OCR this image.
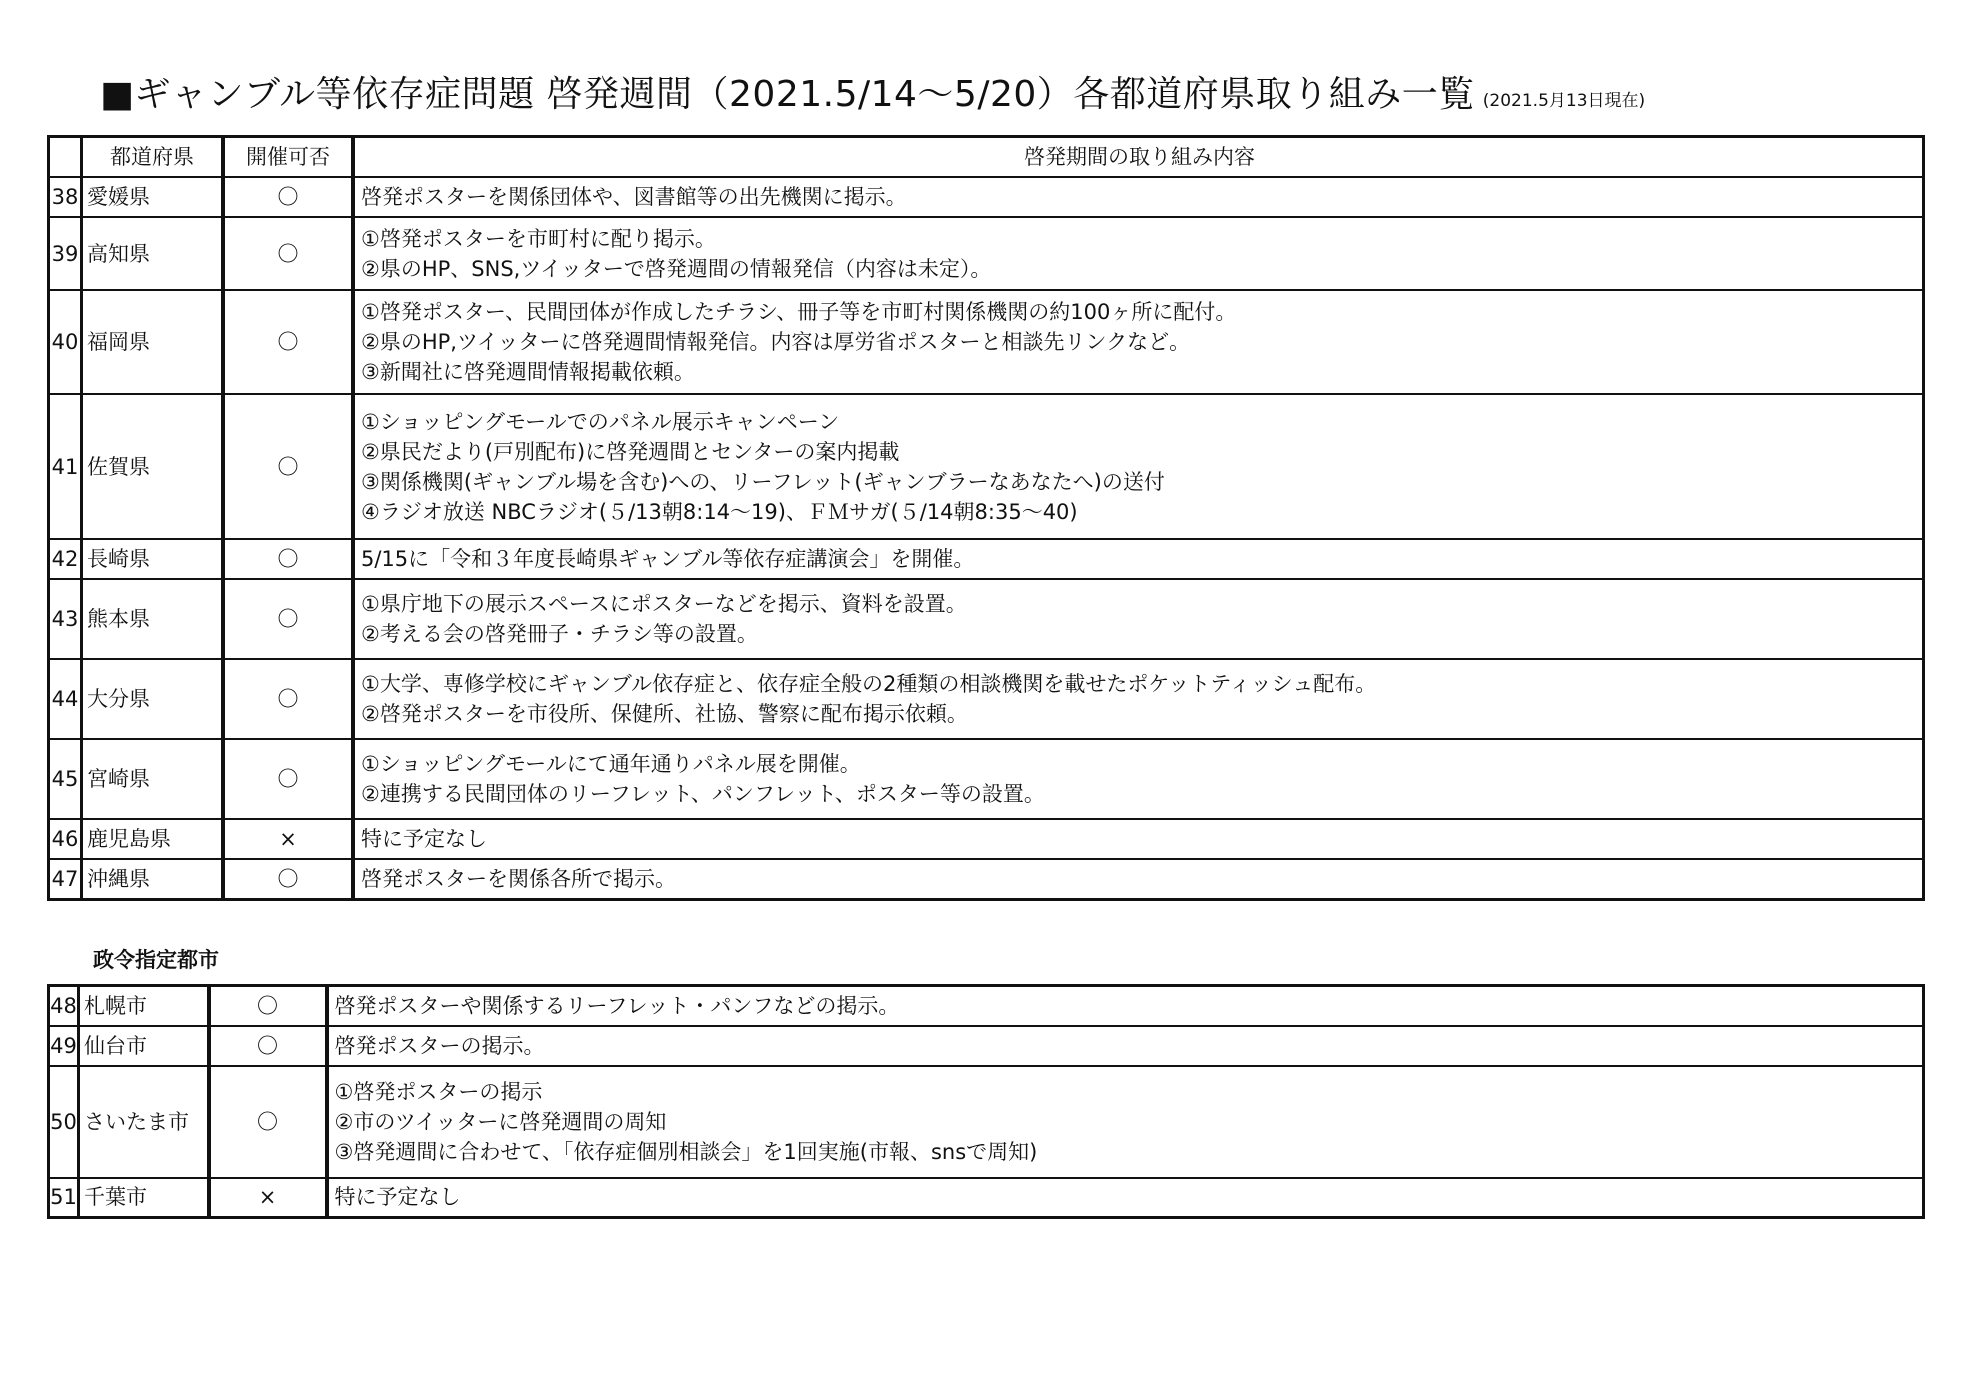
■ギャンブル等依存症問題 啓発週間（2021.5/14～5/20）各都道府県取り組み一覧 (2021.5月13日現在)
	都道府県	開催可否	啓発期間の取り組み内容
38	愛媛県	〇	啓発ポスターを関係団体や、図書館等の出先機関に掲示。

39	高知県	〇	①啓発ポスターを市町村に配り掲示。
②県のHP、SNS,ツイッターで啓発週間の情報発信（内容は未定）。

40	福岡県	〇	①啓発ポスター、民間団体が作成したチラシ、冊子等を市町村関係機関の約100ヶ所に配付。
②県のHP,ツイッターに啓発週間情報発信。内容は厚労省ポスターと相談先リンクなど。
③新聞社に啓発週間情報掲載依頼。

41	佐賀県	〇	①ショッピングモールでのパネル展示キャンペーン
②県民だより(戸別配布)に啓発週間とセンターの案内掲載
③関係機関(ギャンブル場を含む)への、リーフレット(ギャンブラーなあなたへ)の送付
④ラジオ放送 NBCラジオ(５/13朝8:14～19)、ＦＭサガ(５/14朝8:35～40)

42	長崎県	〇	5/15に「令和３年度長崎県ギャンブル等依存症講演会」を開催。

43	熊本県	〇	①県庁地下の展示スペースにポスターなどを掲示、資料を設置。
②考える会の啓発冊子・チラシ等の設置。

44	大分県	〇	①大学、専修学校にギャンブル依存症と、依存症全般の2種類の相談機関を載せたポケットティッシュ配布。
②啓発ポスターを市役所、保健所、社協、警察に配布掲示依頼。

45	宮崎県	〇	①ショッピングモールにて通年通りパネル展を開催。
②連携する民間団体のリーフレット、パンフレット、ポスター等の設置。

46	鹿児島県	×	特に予定なし

47	沖縄県	〇	啓発ポスターを関係各所で掲示。
政令指定都市
48	札幌市	〇	啓発ポスターや関係するリーフレット・パンフなどの掲示。

49	仙台市	〇	啓発ポスターの掲示。

50	さいたま市	〇	①啓発ポスターの掲示
②市のツイッターに啓発週間の周知
③啓発週間に合わせて、「依存症個別相談会」を1回実施(市報、snsで周知)

51	千葉市	×	特に予定なし
